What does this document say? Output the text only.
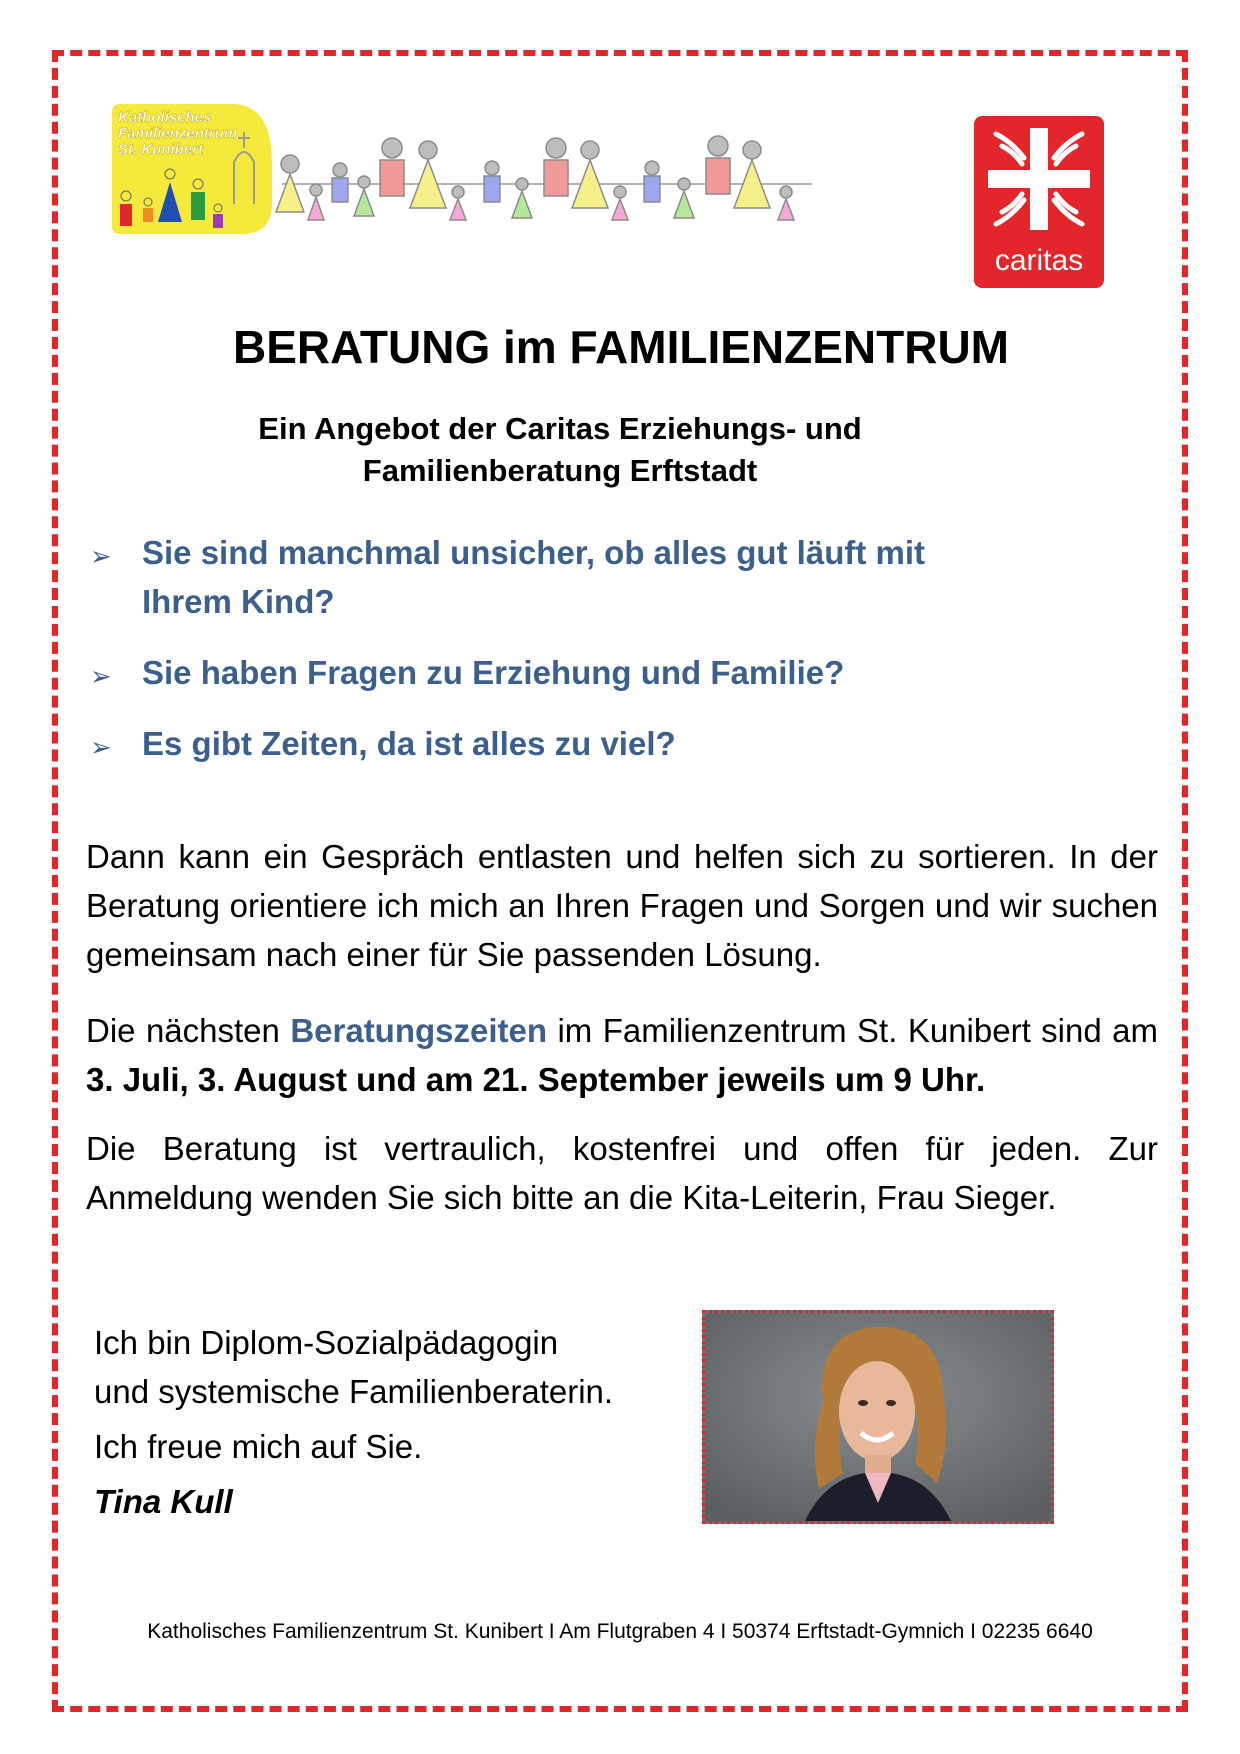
Katholisches
Familienzentrum
St. Kunibert
caritas
BERATUNG im FAMILIENZENTRUM
Ein Angebot der Caritas Erziehungs- und
Familienberatung Erftstadt
➢ Sie sind manchmal unsicher, ob alles gut läuft mit
Ihrem Kind?
➢ Sie haben Fragen zu Erziehung und Familie?
➢ Es gibt Zeiten, da ist alles zu viel?
Dann kann ein Gespräch entlasten und helfen sich zu sortieren. In der Beratung orientiere ich mich an Ihren Fragen und Sorgen und wir suchen gemeinsam nach einer für Sie passenden Lösung.
Die nächsten Beratungszeiten im Familienzentrum St. Kunibert sind am 3. Juli, 3. August und am 21. September jeweils um 9 Uhr.
Die Beratung ist vertraulich, kostenfrei und offen für jeden. Zur Anmeldung wenden Sie sich bitte an die Kita-Leiterin, Frau Sieger.
Ich bin Diplom-Sozialpädagogin
und systemische Familienberaterin.
Ich freue mich auf Sie.
Tina Kull
Katholisches Familienzentrum St. Kunibert I Am Flutgraben 4 I 50374 Erftstadt-Gymnich I 02235 6640
